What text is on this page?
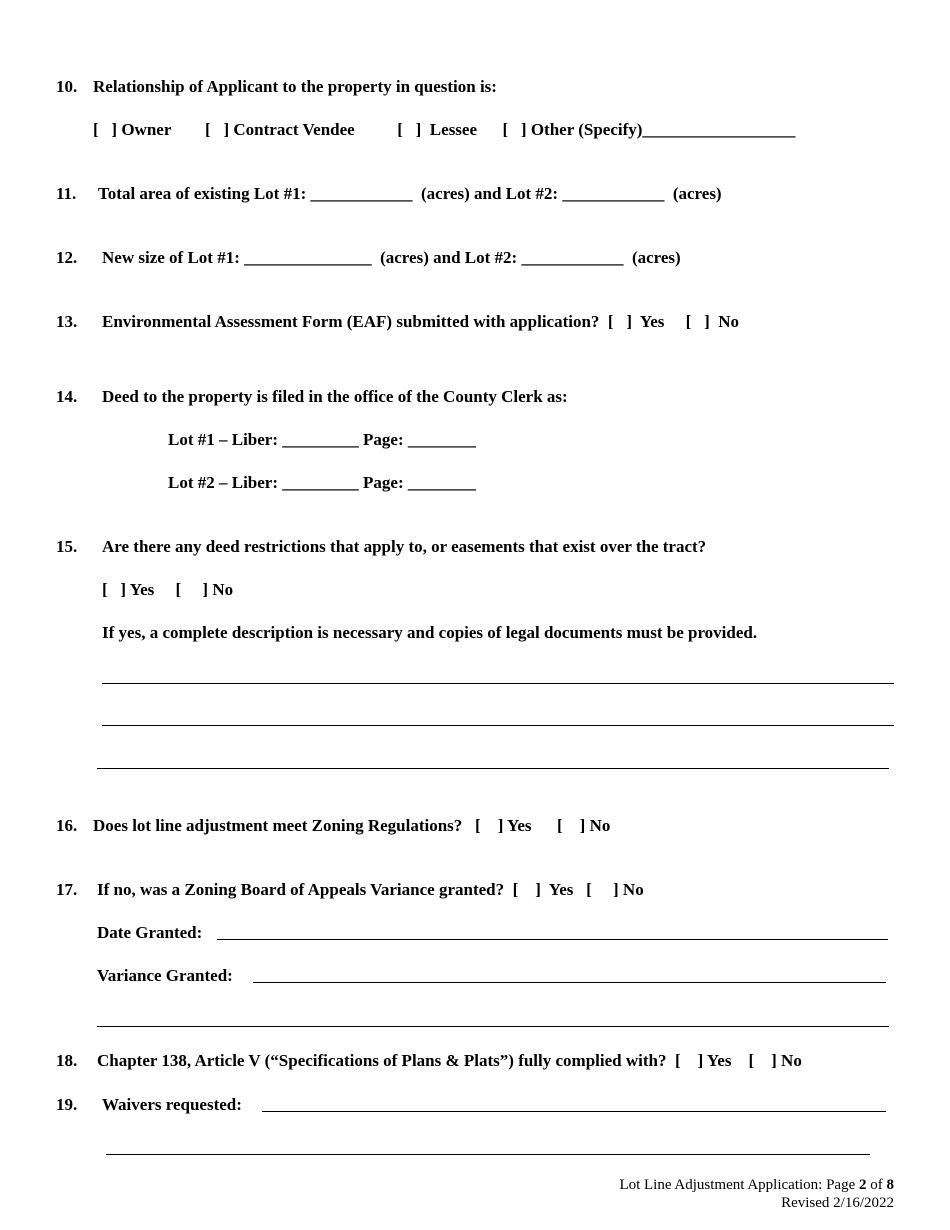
10. Relationship of Applicant to the property in question is:
[   ] Owner        [   ] Contract Vendee          [   ]  Lessee      [   ] Other (Specify)__________________
11. Total area of existing Lot #1: ____________  (acres) and Lot #2: ____________  (acres)
12. New size of Lot #1: _______________  (acres) and Lot #2: ____________  (acres)
13. Environmental Assessment Form (EAF) submitted with application?  [   ]  Yes     [   ]  No
14. Deed to the property is filed in the office of the County Clerk as:
Lot #1 – Liber: _________ Page: ________
Lot #2 – Liber: _________ Page: ________
15. Are there any deed restrictions that apply to, or easements that exist over the tract?
[   ] Yes     [     ] No
If yes, a complete description is necessary and copies of legal documents must be provided.
16. Does lot line adjustment meet Zoning Regulations?   [    ] Yes      [    ] No
17. If no, was a Zoning Board of Appeals Variance granted?  [    ]  Yes   [     ] No
Date Granted:
Variance Granted:
18. Chapter 138, Article V (“Specifications of Plans & Plats”) fully complied with?  [    ] Yes    [    ] No
19. Waivers requested:
Lot Line Adjustment Application: Page 2 of 8
Revised 2/16/2022
